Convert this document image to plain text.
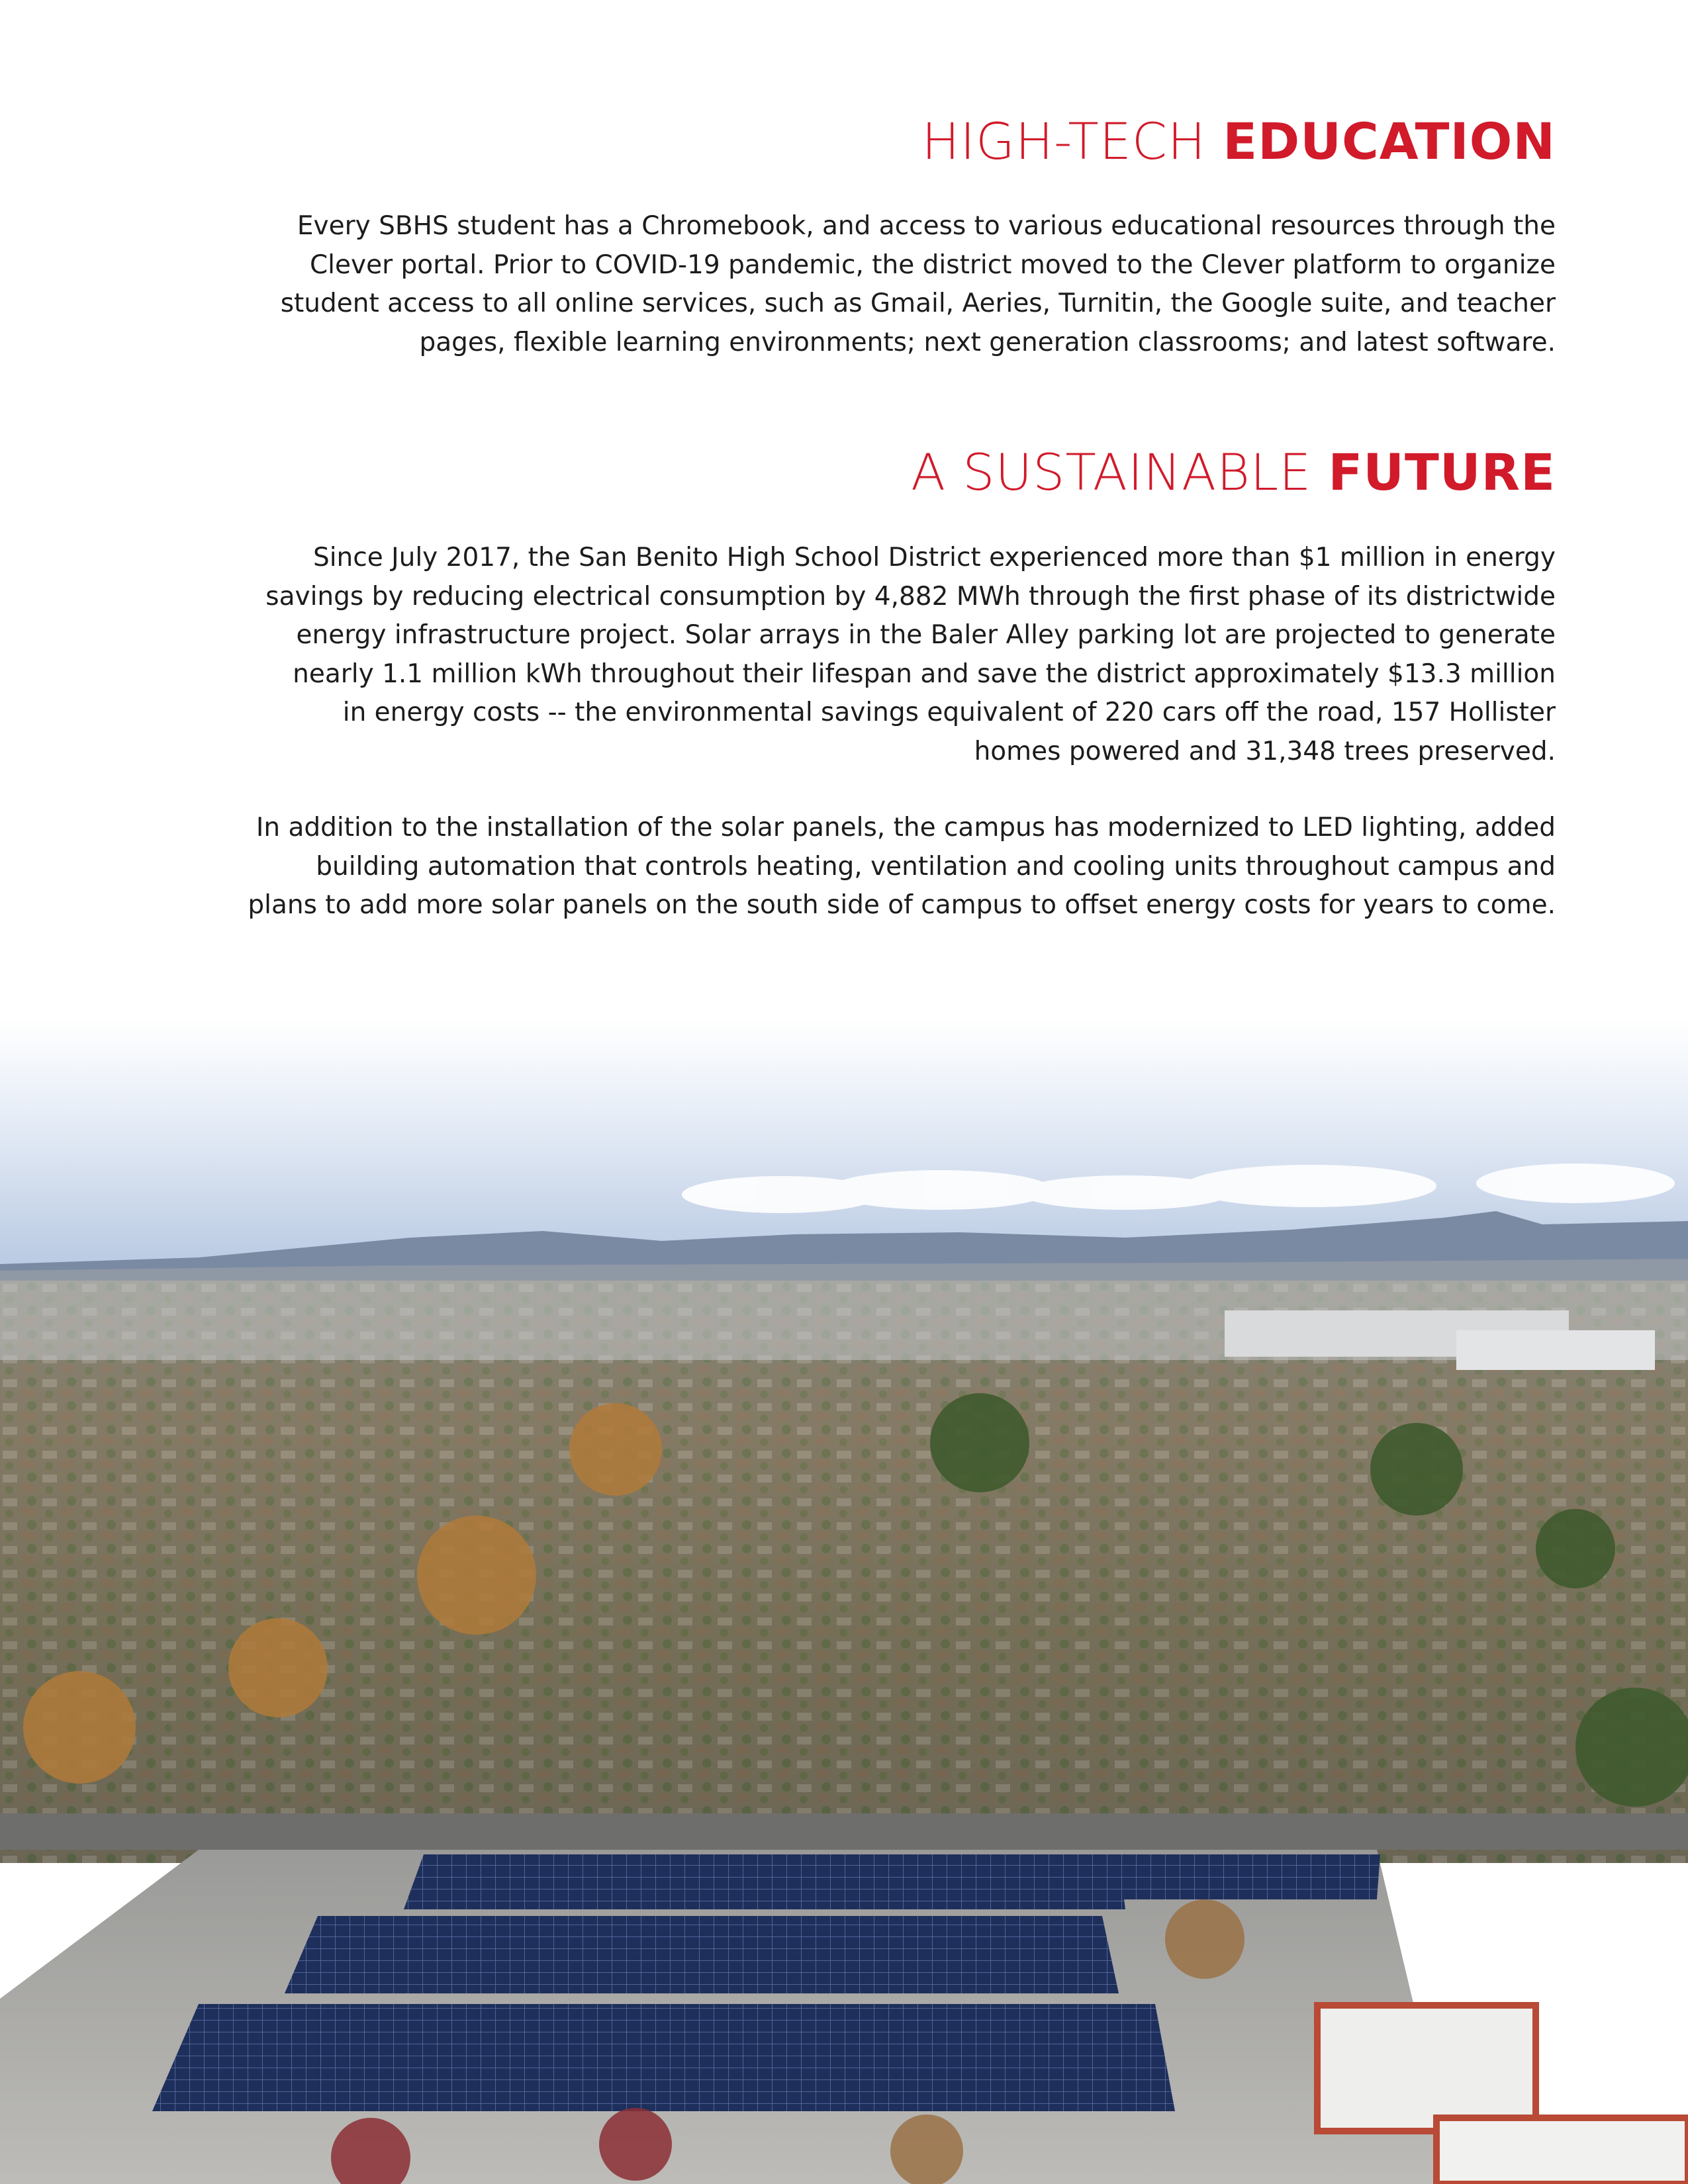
HIGH-TECH EDUCATION

Every SBHS student has a Chromebook, and access to various educational resources through the
Clever portal. Prior to COVID-19 pandemic, the district moved to the Clever platform to organize
student access to all online services, such as Gmail, Aeries, Turnitin, the Google suite, and teacher
pages, flexible learning environments; next generation classrooms; and latest software.

A SUSTAINABLE FUTURE

Since July 2017, the San Benito High School District experienced more than $1 million in energy
savings by reducing electrical consumption by 4,882 MWh through the first phase of its districtwide
energy infrastructure project. Solar arrays in the Baler Alley parking lot are projected to generate
nearly 1.1 million kWh throughout their lifespan and save the district approximately $13.3 million
in energy costs -- the environmental savings equivalent of 220 cars off the road, 157 Hollister
homes powered and 31,348 trees preserved.

In addition to the installation of the solar panels, the campus has modernized to LED lighting, added
building automation that controls heating, ventilation and cooling units throughout campus and
plans to add more solar panels on the south side of campus to offset energy costs for years to come.
